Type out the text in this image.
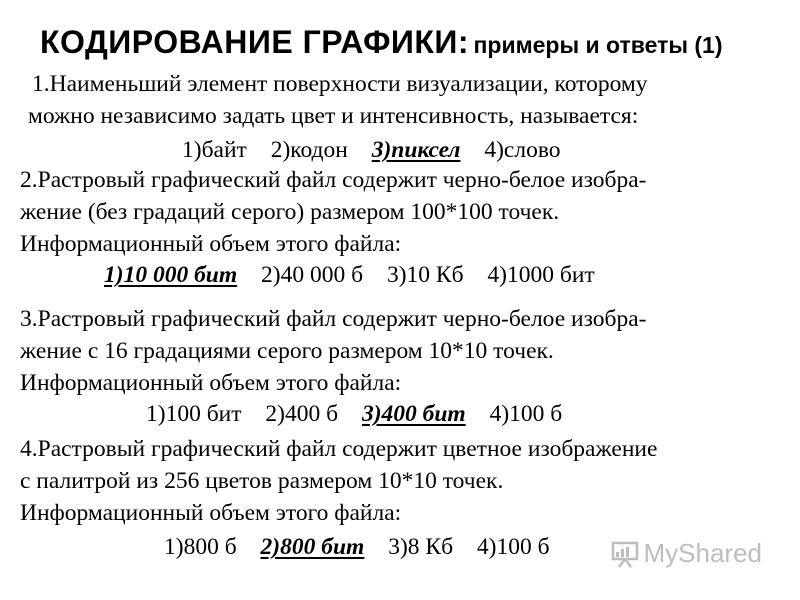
КОДИРОВАНИЕ ГРАФИКИ: примеры и ответы (1)

1.Наименьший элемент поверхности визуализации, которому

можно независимо задать цвет и интенсивность, называется:

1)байт 2)кодон 3)пиксел 4)слово

2.Растровый графический файл содержит черно-белое изобра-

жение (без градаций серого) размером 100*100 точек.

Информационный объем этого файла:

1)10 000 бит 2)40 000 б 3)10 Кб 4)1000 бит

3.Растровый графический файл содержит черно-белое изобра-

жение с 16 градациями серого размером 10*10 точек.

Информационный объем этого файла:

1)100 бит 2)400 б 3)400 бит 4)100 б

4.Растровый графический файл содержит цветное изображение

с палитрой из 256 цветов размером 10*10 точек.

Информационный объем этого файла:

1)800 б 2)800 бит 3)8 Кб 4)100 б	MyShared
